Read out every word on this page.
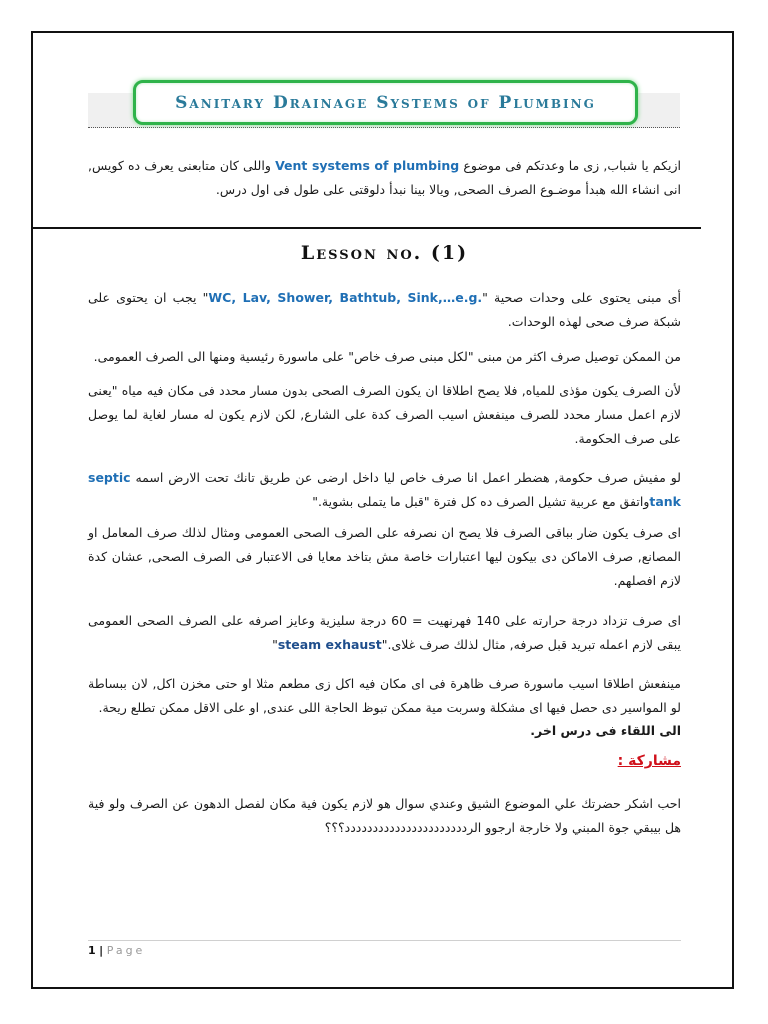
Sanitary Drainage Systems of Plumbing
ازيكم يا شباب, زى ما وعدتكم فى موضوع Vent systems of plumbing واللى كان متابعنى يعرف ده كويس, انى انشاء الله هبدأ موضـوع الصرف الصحى, ويالا بينا نبدأ دلوقتى على طول فى اول درس.
Lesson no. (1)
أى مبنى يحتوى على وحدات صحية "WC, Lav, Shower, Bathtub, Sink,…e.g." يجب ان يحتوى على شبكة صرف صحى لهذه الوحدات.
من الممكن توصيل صرف اكثر من مبنى "لكل مبنى صرف خاص" على ماسورة رئيسية ومنها الى الصرف العمومى.
لأن الصرف يكون مؤذى للمياه, فلا يصح اطلاقا ان يكون الصرف الصحى بدون مسار محدد فى مكان فيه مياه "يعنى لازم اعمل مسار محدد للصرف مينفعش اسيب الصرف كدة على الشارع, لكن لازم يكون له مسار لغاية لما يوصل على صرف الحكومة.
لو مفيش صرف حكومة, هضطر اعمل انا صرف خاص ليا داخل ارضى عن طريق تانك تحت الارض اسمه septic tankواتفق مع عربية تشيل الصرف ده كل فترة "قبل ما يتملى بشوية."
اى صرف يكون ضار بباقى الصرف فلا يصح ان نصرفه على الصرف الصحى العمومى ومثال لذلك صرف المعامل او المصانع, صرف الاماكن دى بيكون ليها اعتبارات خاصة مش بتاخد معايا فى الاعتبار فى الصرف الصحى, عشان كدة لازم افصلهم.
اى صرف تزداد درجة حرارته على 140 فهرنهيت = 60 درجة سليزية وعايز اصرفه على الصرف الصحى العمومى يبقى لازم اعمله تبريد قبل صرفه, مثال لذلك صرف غلاى."steam exhaust"
مينفعش اطلاقا اسيب ماسورة صرف ظاهرة فى اى مكان فيه اكل زى مطعم مثلا او حتى مخزن اكل, لان ببساطة لو المواسير دى حصل فيها اى مشكلة وسربت مية ممكن تبوظ الحاجة اللى عندى, او على الاقل ممكن تطلع ريحة.
الى اللقاء فى درس اخر.
مشاركة :
احب اشكر حضرتك علي الموضوع الشيق وعندي سوال هو لازم يكون فية مكان لفصل الدهون عن الصرف ولو فية هل بيبقي جوة المبني ولا خارجة ارجوو الردددددددددددددددددددددد؟؟؟
1 | Page
